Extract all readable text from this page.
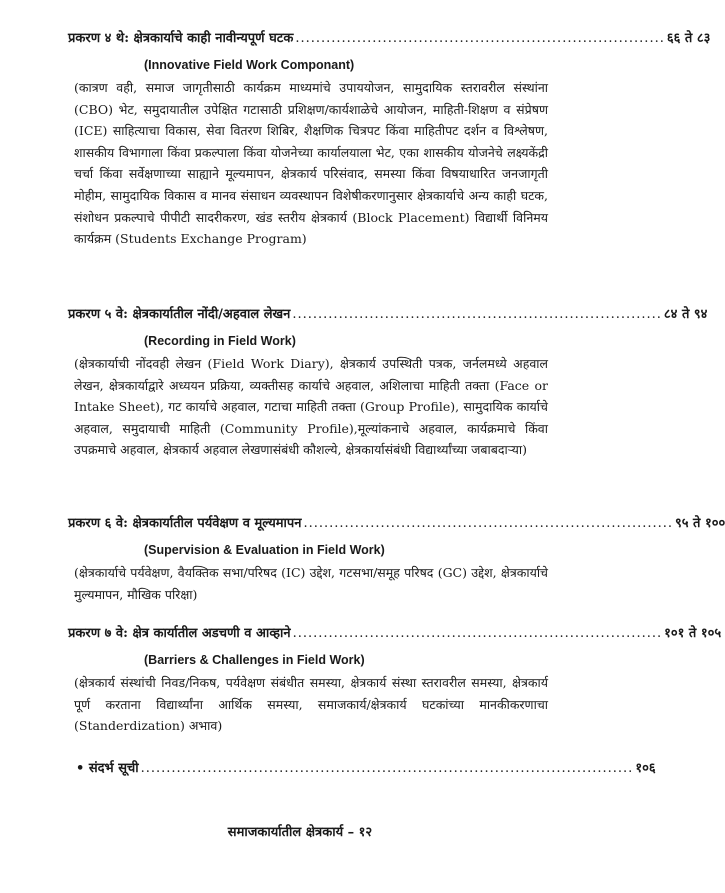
प्रकरण ४ थे: क्षेत्रकार्याचे काही नावीन्यपूर्ण घटक ........................................................................ ६६ ते ८३
(Innovative Field Work Componant)
(कात्रण वही, समाज जागृतीसाठी कार्यक्रम माध्यमांचे उपाययोजन, सामुदायिक स्तरावरील संस्थांना (CBO) भेट, समुदायातील उपेक्षित गटासाठी प्रशिक्षण/कार्यशाळेचे आयोजन, माहिती-शिक्षण व संप्रेषण (ICE) साहित्याचा विकास, सेवा वितरण शिबिर, शैक्षणिक चित्रपट किंवा माहितीपट दर्शन व विश्लेषण, शासकीय विभागाला किंवा प्रकल्पाला किंवा योजनेच्या कार्यालयाला भेट, एका शासकीय योजनेचे लक्ष्यकेंद्री चर्चा किंवा सर्वेक्षणाच्या साह्याने मूल्यमापन, क्षेत्रकार्य परिसंवाद, समस्या किंवा विषयाधारित जनजागृती मोहीम, सामुदायिक विकास व मानव संसाधन व्यवस्थापन विशेषीकरणानुसार क्षेत्रकार्याचे अन्य काही घटक, संशोधन प्रकल्पाचे पीपीटी सादरीकरण, खंड स्तरीय क्षेत्रकार्य (Block Placement) विद्यार्थी विनिमय कार्यक्रम (Students Exchange Program)
प्रकरण ५ वे: क्षेत्रकार्यातील नोंदी/अहवाल लेखन ........................................................................ ८४ ते ९४
(Recording in Field Work)
(क्षेत्रकार्याची नोंदवही लेखन (Field Work Diary), क्षेत्रकार्य उपस्थिती पत्रक, जर्नलमध्ये अहवाल लेखन, क्षेत्रकार्याद्वारे अध्ययन प्रक्रिया, व्यक्तीसह कार्याचे अहवाल, अशिलाचा माहिती तक्ता (Face or Intake Sheet), गट कार्याचे अहवाल, गटाचा माहिती तक्ता (Group Profile), सामुदायिक कार्याचे अहवाल, समुदायाची माहिती (Community Profile),मूल्यांकनाचे अहवाल, कार्यक्रमाचे किंवा उपक्रमाचे अहवाल, क्षेत्रकार्य अहवाल लेखणासंबंधी कौशल्ये, क्षेत्रकार्यासंबंधी विद्यार्थ्यांच्या जबाबदाऱ्या)
प्रकरण ६ वे: क्षेत्रकार्यातील पर्यवेक्षण व मूल्यमापन ........................................................................ ९५ ते १००
(Supervision & Evaluation in Field Work)
(क्षेत्रकार्याचे पर्यवेक्षण, वैयक्तिक सभा/परिषद (IC) उद्देश, गटसभा/समूह परिषद (GC) उद्देश, क्षेत्रकार्याचे मुल्यमापन, मौखिक परिक्षा)
प्रकरण ७ वे: क्षेत्र कार्यातील अडचणी व आव्हाने ........................................................................ १०१ ते १०५
(Barriers & Challenges in Field Work)
(क्षेत्रकार्य संस्थांची निवड/निकष, पर्यवेक्षण संबंधीत समस्या, क्षेत्रकार्य संस्था स्तरावरील समस्या, क्षेत्रकार्य पूर्ण करताना विद्यार्थ्यांना आर्थिक समस्या, समाजकार्य/क्षेत्रकार्य घटकांच्या मानकीकरणाचा (Standerdization) अभाव)
• संदर्भ सूची ................................................................................................ १०६
समाजकार्यातील क्षेत्रकार्य – १२
